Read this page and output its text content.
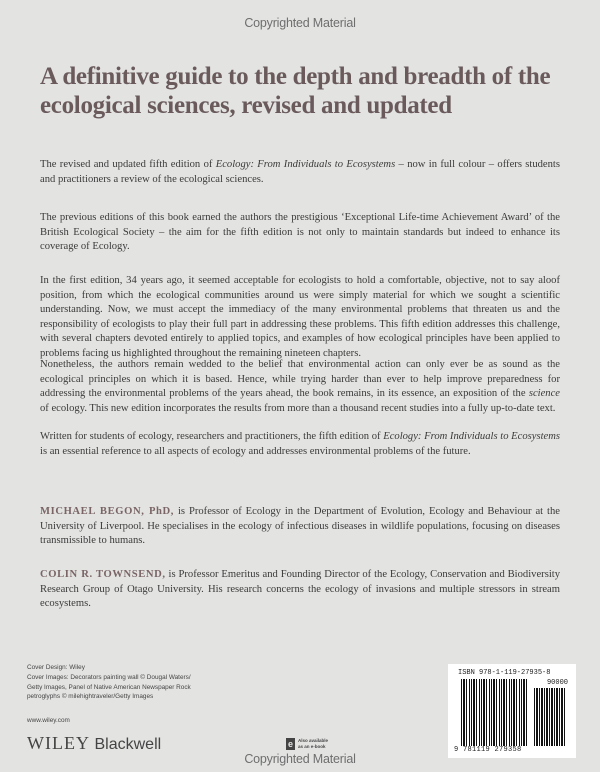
Copyrighted Material
A definitive guide to the depth and breadth of the ecological sciences, revised and updated

The revised and updated fifth edition of Ecology: From Individuals to Ecosystems – now in full colour – offers students and practitioners a review of the ecological sciences.

The previous editions of this book earned the authors the prestigious ‘Exceptional Life-time Achievement Award’ of the British Ecological Society – the aim for the fifth edition is not only to maintain standards but indeed to enhance its coverage of Ecology.

In the first edition, 34 years ago, it seemed acceptable for ecologists to hold a comfortable, objective, not to say aloof position, from which the ecological communities around us were simply material for which we sought a scientific understanding. Now, we must accept the immediacy of the many environmental problems that threaten us and the responsibility of ecologists to play their full part in addressing these problems. This fifth edition addresses this challenge, with several chapters devoted entirely to applied topics, and examples of how ecological principles have been applied to problems facing us highlighted throughout the remaining nineteen chapters.

Nonetheless, the authors remain wedded to the belief that environmental action can only ever be as sound as the ecological principles on which it is based. Hence, while trying harder than ever to help improve preparedness for addressing the environmental problems of the years ahead, the book remains, in its essence, an exposition of the science of ecology. This new edition incorporates the results from more than a thousand recent studies into a fully up-to-date text.

Written for students of ecology, researchers and practitioners, the fifth edition of Ecology: From Individuals to Ecosystems is an essential reference to all aspects of ecology and addresses environmental problems of the future.

MICHAEL BEGON, PhD, is Professor of Ecology in the Department of Evolution, Ecology and Behaviour at the University of Liverpool. He specialises in the ecology of infectious diseases in wildlife populations, focusing on diseases transmissible to humans.

COLIN R. TOWNSEND, is Professor Emeritus and Founding Director of the Ecology, Conservation and Biodiversity Research Group of Otago University. His research concerns the ecology of invasions and multiple stressors in stream ecosystems.

Cover Design: Wiley
Cover Images: Decorators painting wall © Dougal Waters/
Getty Images, Panel of Native American Newspaper Rock
petroglyphs © milehightraveler/Getty Images
www.wiley.com
WILEY Blackwell	e	Also available
as an e-book
Copyrighted Material
ISBN 978-1-119-27935-8
90000
9 781119 279358
